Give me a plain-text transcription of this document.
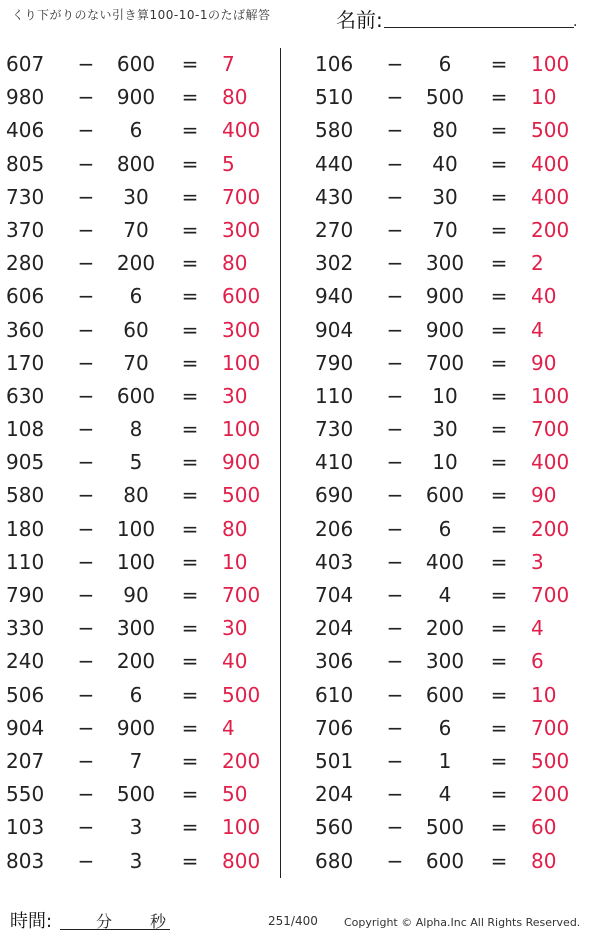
くり下がりのない引き算100-10-1のたば解答	名前:	.
607	−	600	= 7
980	−	900	= 80
406	−	6	= 400
805	−	800	= 5
730	−	30	= 700
370	−	70	= 300
280	−	200	= 80
606	−	6	= 600
360	−	60	= 300
170	−	70	= 100
630	−	600	= 30
108	−	8	= 100
905	−	5	= 900
580	−	80	= 500
180	−	100	= 80
110	−	100	= 10
790	−	90	= 700
330	−	300	= 30
240	−	200	= 40
506	−	6	= 500
904	−	900	= 4
207	−	7	= 200
550	−	500	= 50
103	−	3	= 100
803	−	3	= 800
106	−	6	= 100
510	−	500	= 10
580	−	80	= 500
440	−	40	= 400
430	−	30	= 400
270	−	70	= 200
302	−	300	= 2
940	−	900	= 40
904	−	900	= 4
790	−	700	= 90
110	−	10	= 100
730	−	30	= 700
410	−	10	= 400
690	−	600	= 90
206	−	6	= 200
403	−	400	= 3
704	−	4	= 700
204	−	200	= 4
306	−	300	= 6
610	−	600	= 10
706	−	6	= 700
501	−	1	= 500
204	−	4	= 200
560	−	500	= 60
680	−	600	= 80
時間:	分 秒	251/400 Copyright © Alpha.Inc All Rights Reserved.
